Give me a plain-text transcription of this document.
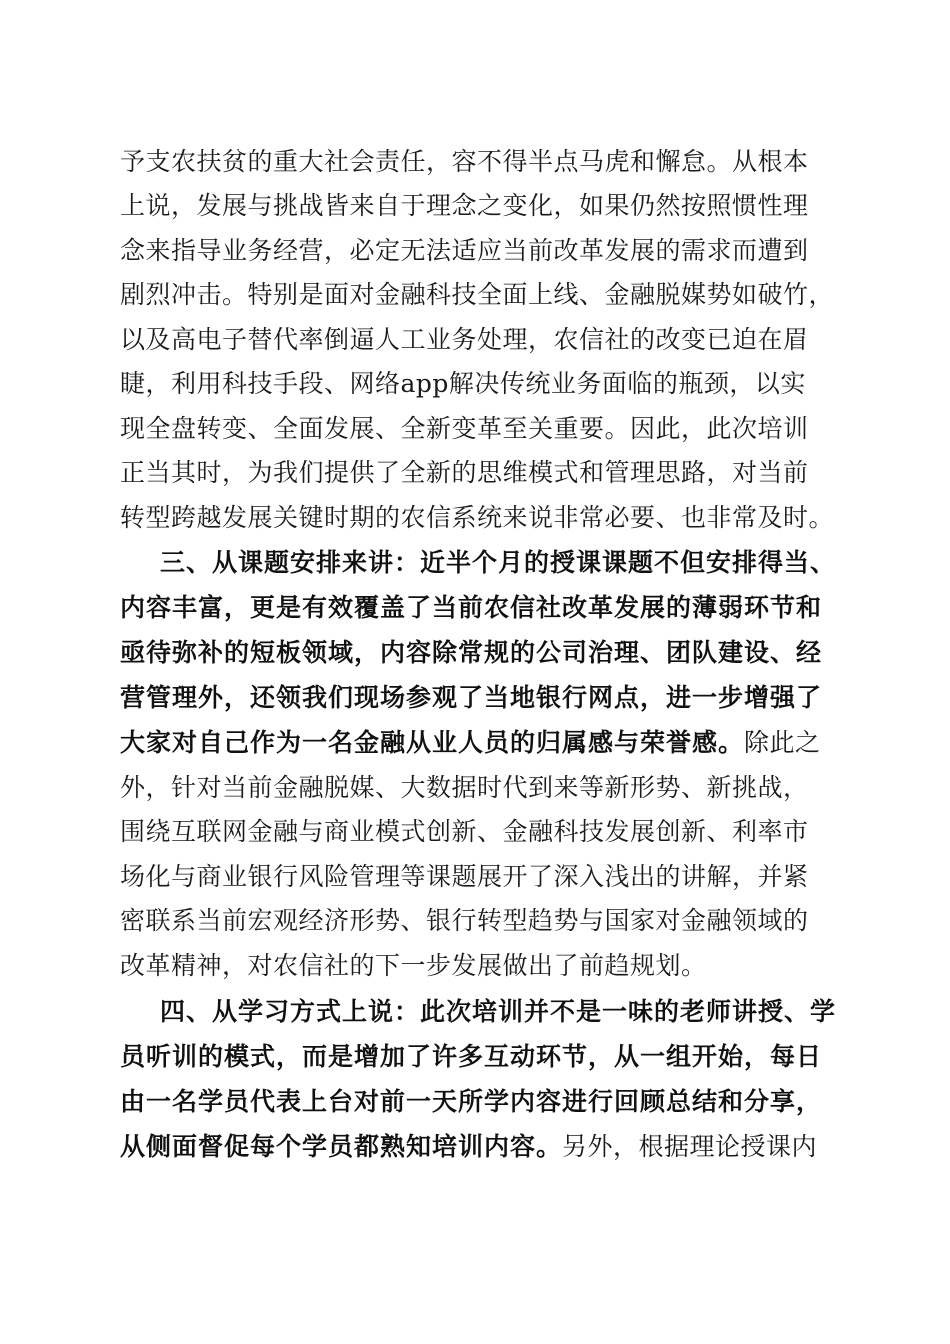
予支农扶贫的重大社会责任，容不得半点马虎和懈怠。从根本
上说，发展与挑战皆来自于理念之变化，如果仍然按照惯性理
念来指导业务经营，必定无法适应当前改革发展的需求而遭到
剧烈冲击。特别是面对金融科技全面上线、金融脱媒势如破竹，
以及高电子替代率倒逼人工业务处理，农信社的改变已迫在眉
睫，利用科技手段、网络app解决传统业务面临的瓶颈，以实
现全盘转变、全面发展、全新变革至关重要。因此，此次培训
正当其时，为我们提供了全新的思维模式和管理思路，对当前
转型跨越发展关键时期的农信系统来说非常必要、也非常及时。
三、从课题安排来讲：近半个月的授课课题不但安排得当、
内容丰富，更是有效覆盖了当前农信社改革发展的薄弱环节和
亟待弥补的短板领域，内容除常规的公司治理、团队建设、经
营管理外，还领我们现场参观了当地银行网点，进一步增强了
大家对自己作为一名金融从业人员的归属感与荣誉感。除此之
外，针对当前金融脱媒、大数据时代到来等新形势、新挑战，
围绕互联网金融与商业模式创新、金融科技发展创新、利率市
场化与商业银行风险管理等课题展开了深入浅出的讲解，并紧
密联系当前宏观经济形势、银行转型趋势与国家对金融领域的
改革精神，对农信社的下一步发展做出了前趋规划。
四、从学习方式上说：此次培训并不是一味的老师讲授、学
员听训的模式，而是增加了许多互动环节，从一组开始，每日
由一名学员代表上台对前一天所学内容进行回顾总结和分享，
从侧面督促每个学员都熟知培训内容。另外，根据理论授课内
